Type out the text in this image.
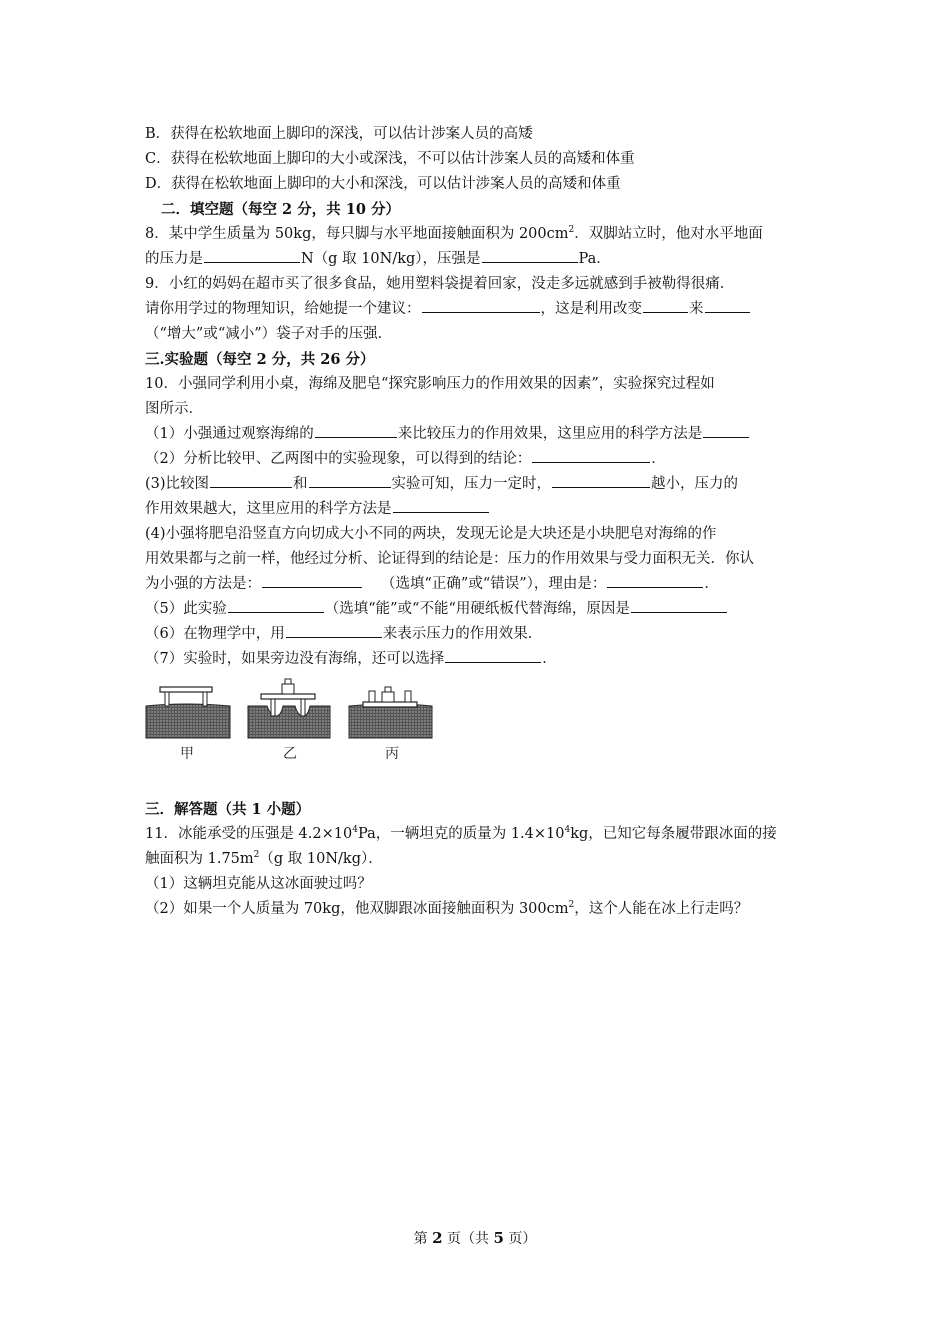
B．获得在松软地面上脚印的深浅，可以估计涉案人员的高矮
C．获得在松软地面上脚印的大小或深浅，不可以估计涉案人员的高矮和体重
D．获得在松软地面上脚印的大小和深浅，可以估计涉案人员的高矮和体重
二．填空题（每空 2 分，共 10 分）
8．某中学生质量为 50kg，每只脚与水平地面接触面积为 $200cm^2$．双脚站立时，他对水平地面
的压力是	N（g 取 10N/kg），压强是	Pa．
9．小红的妈妈在超市买了很多食品，她用塑料袋提着回家，没走多远就感到手被勒得很痛．
请你用学过的物理知识，给她提一个建议：	，这是利用改变	来
（“增大”或“减小”）袋子对手的压强．
三.实验题（每空 2 分，共 26 分）
10．小强同学利用小桌，海绵及肥皂“探究影响压力的作用效果的因素”，实验探究过程如
图所示．
（1）小强通过观察海绵的	来比较压力的作用效果，这里应用的科学方法是
（2）分析比较甲、乙两图中的实验现象，可以得到的结论：	．
(3)比较图	和	实验可知，压力一定时，	越小，压力的
作用效果越大，这里应用的科学方法是
(4)小强将肥皂沿竖直方向切成大小不同的两块，发现无论是大块还是小块肥皂对海绵的作
用效果都与之前一样，他经过分析、论证得到的结论是：压力的作用效果与受力面积无关．你认
为小强的方法是：	（选填“正确”或“错误”），理由是：	．
（5）此实验	（选填“能”或“不能“用硬纸板代替海绵，原因是
（6）在物理学中，用	来表示压力的作用效果．
（7）实验时，如果旁边没有海绵，还可以选择	．
三．解答题（共 1 小题）
11．冰能承受的压强是 $4.2\times 10^4Pa$，一辆坦克的质量为 $1.4\times 10^4kg$，已知它每条履带跟冰面的接
触面积为 $1.75m^2(g$ 取 10N/kg）．
（1）这辆坦克能从这冰面驶过吗？
（2）如果一个人质量为 70kg，他双脚跟冰面接触面积为 $300cm^2$，这个人能在冰上行走吗？
甲	乙	丙
第 2 页（共 5 页）
